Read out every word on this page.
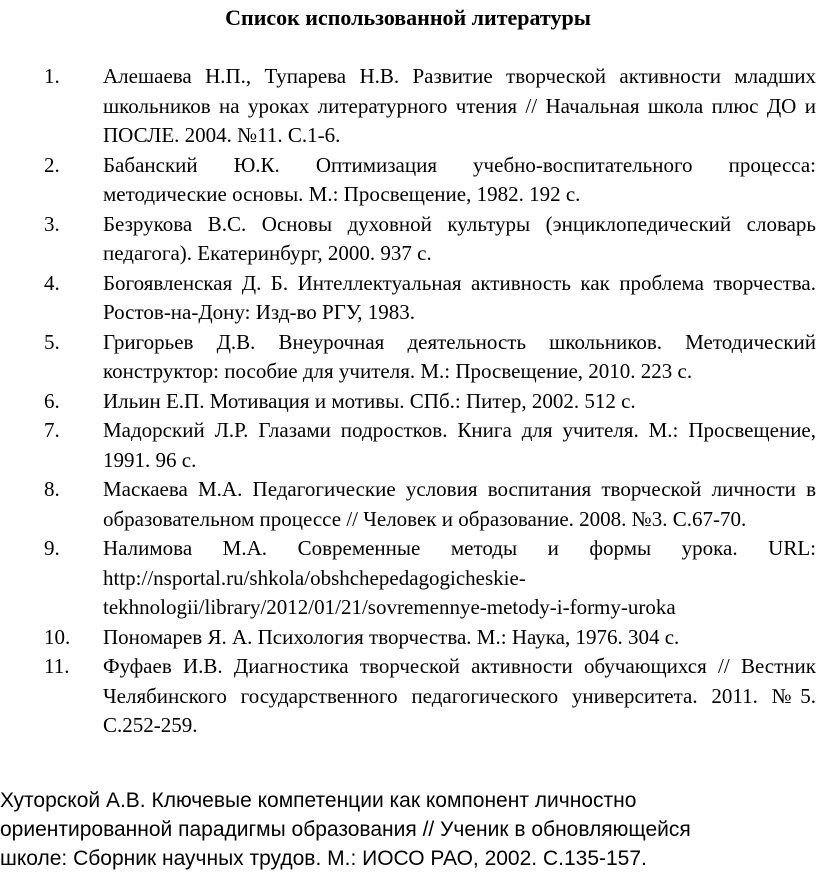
Список использованной литературы
1.	Алешаева Н.П., Тупарева Н.В. Развитие творческой активности младших школьников на уроках литературного чтения // Начальная школа плюс ДО и ПОСЛЕ. 2004. №11. С.1-6.
2.	Бабанский Ю.К. Оптимизация учебно-воспитательного процесса: методические основы. М.: Просвещение, 1982. 192 с.
3.	Безрукова В.С. Основы духовной культуры (энциклопедический словарь педагога). Екатеринбург, 2000. 937 с.
4.	Богоявленская Д. Б. Интеллектуальная активность как проблема творчества. Ростов-на-Дону: Изд-во РГУ, 1983.
5.	Григорьев Д.В. Внеурочная деятельность школьников. Методический конструктор: пособие для учителя. М.: Просвещение, 2010. 223 с.
6.	Ильин Е.П. Мотивация и мотивы. СПб.: Питер, 2002. 512 с.
7.	Мадорский Л.Р. Глазами подростков. Книга для учителя. М.: Просвещение, 1991. 96 с.
8.	Маскаева М.А. Педагогические условия воспитания творческой личности в образовательном процессе // Человек и образование. 2008. №3. С.67-70.
9.	Налимова М.А. Современные методы и формы урока. URL: http://nsportal.ru/shkola/obshchepedagogicheskie-tekhnologii/library/2012/01/21/sovremennye-metody-i-formy-uroka
10.	Пономарев Я. А. Психология творчества. М.: Наука, 1976. 304 с.
11.	Фуфаев И.В. Диагностика творческой активности обучающихся // Вестник Челябинского государственного педагогического университета. 2011. №5. С.252-259.

Хуторской А.В. Ключевые компетенции как компонент личностно ориентированной парадигмы образования // Ученик в обновляющейся школе: Сборник научных трудов. М.: ИОСО РАО, 2002. С.135-157.
